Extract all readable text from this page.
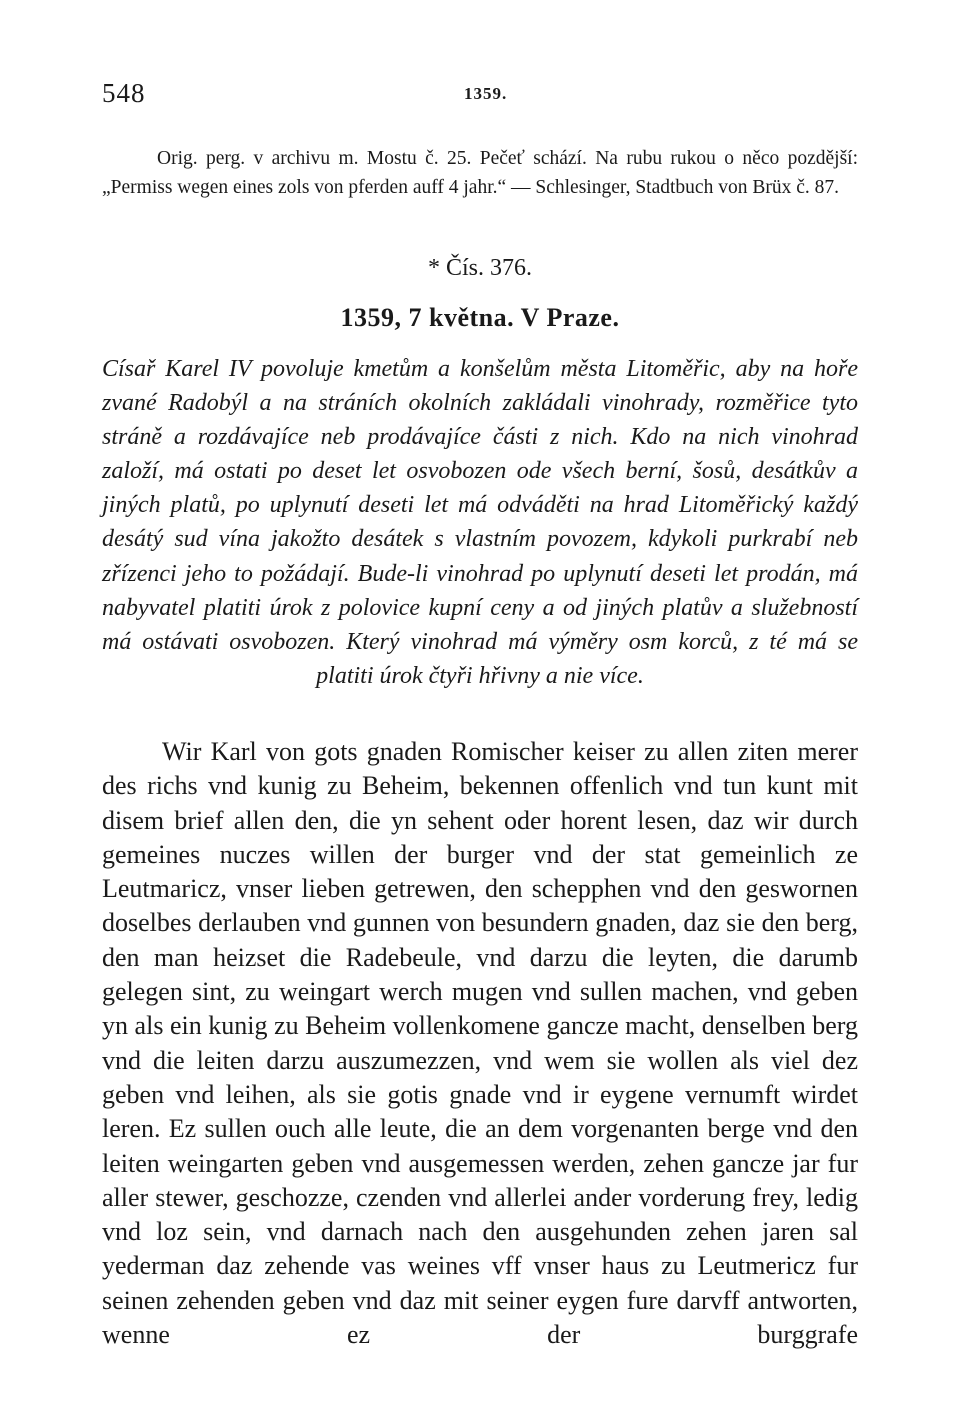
548	1359.

Orig. perg. v archivu m. Mostu č. 25. Pečeť schází. Na rubu rukou o něco pozdější: „Permiss wegen eines zols von pferden auff 4 jahr.“ — Schlesinger, Stadtbuch von Brüx č. 87.

* Čís. 376.
1359, 7 května. V Praze.

Císař Karel IV povoluje kmetům a konšelům města Litoměřic, aby na hoře zvané Radobýl a na stráních okolních zakládali vinohrady, rozměřice tyto stráně a rozdávajíce neb prodávajíce části z nich. Kdo na nich vinohrad založí, má ostati po deset let osvobozen ode všech berní, šosů, desátkův a jiných platů, po uplynutí deseti let má odváděti na hrad Litoměřický každý desátý sud vína jakožto desátek s vlastním povozem, kdykoli purkrabí neb zřízenci jeho to požádají. Bude-li vinohrad po uplynutí deseti let prodán, má nabyvatel platiti úrok z polovice kupní ceny a od jiných platův a služebností má ostávati osvobozen. Který vinohrad má výměry osm korců, z té má se platiti úrok čtyři hřivny a nie více.

Wir Karl von gots gnaden Romischer keiser zu allen ziten merer des richs vnd kunig zu Beheim, bekennen offenlich vnd tun kunt mit disem brief allen den, die yn sehent oder horent lesen, daz wir durch gemeines nuczes willen der burger vnd der stat gemeinlich ze Leutmaricz, vnser lieben getrewen, den schepphen vnd den geswornen doselbes derlauben vnd gunnen von besundern gnaden, daz sie den berg, den man heizset die Radebeule, vnd darzu die leyten, die darumb gelegen sint, zu weingart werch mugen vnd sullen machen, vnd geben yn als ein kunig zu Beheim vollenkomene gancze macht, denselben berg vnd die leiten darzu auszumezzen, vnd wem sie wollen als viel dez geben vnd leihen, als sie gotis gnade vnd ir eygene vernumft wirdet leren. Ez sullen ouch alle leute, die an dem vorgenanten berge vnd den leiten weingarten geben vnd ausgemessen werden, zehen gancze jar fur aller stewer, geschozze, czenden vnd allerlei ander vorderung frey, ledig vnd loz sein, vnd darnach nach den ausgehunden zehen jaren sal yederman daz zehende vas weines vff vnser haus zu Leutmericz fur seinen zehenden geben vnd daz mit seiner eygen fure darvff antworten, wenne ez der burggrafe
